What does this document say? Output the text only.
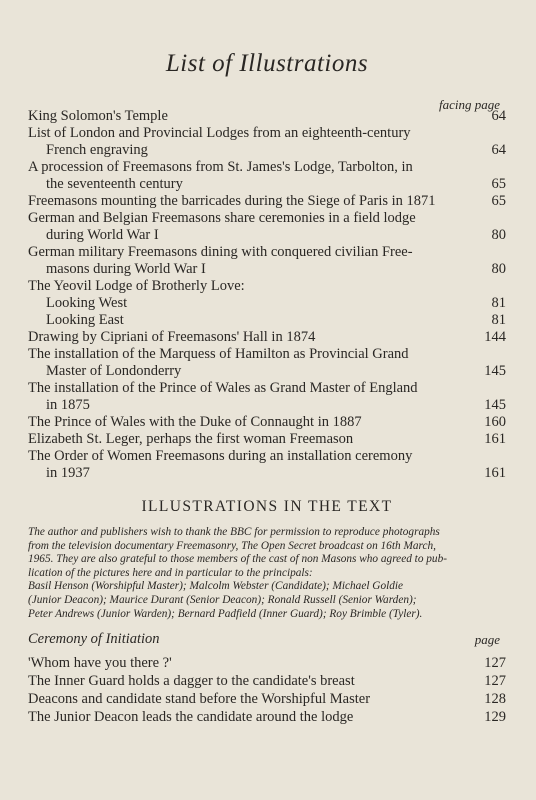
List of Illustrations
facing page
King Solomon's Temple	64
List of London and Provincial Lodges from an eighteenth-century
French engraving	64
A procession of Freemasons from St. James's Lodge, Tarbolton, in
the seventeenth century	65
Freemasons mounting the barricades during the Siege of Paris in 1871	65
German and Belgian Freemasons share ceremonies in a field lodge
during World War I	80
German military Freemasons dining with conquered civilian Free-
masons during World War I	80
The Yeovil Lodge of Brotherly Love:
Looking West	81
Looking East	81
Drawing by Cipriani of Freemasons' Hall in 1874	144
The installation of the Marquess of Hamilton as Provincial Grand
Master of Londonderry	145
The installation of the Prince of Wales as Grand Master of England
in 1875	145
The Prince of Wales with the Duke of Connaught in 1887	160
Elizabeth St. Leger, perhaps the first woman Freemason	161
The Order of Women Freemasons during an installation ceremony
in 1937	161
ILLUSTRATIONS IN THE TEXT
The author and publishers wish to thank the BBC for permission to reproduce photographs
from the television documentary Freemasonry, The Open Secret broadcast on 16th March,
1965. They are also grateful to those members of the cast of non Masons who agreed to pub-
lication of the pictures here and in particular to the principals:
Basil Henson (Worshipful Master); Malcolm Webster (Candidate); Michael Goldie
(Junior Deacon); Maurice Durant (Senior Deacon); Ronald Russell (Senior Warden);
Peter Andrews (Junior Warden); Bernard Padfield (Inner Guard); Roy Brimble (Tyler).
Ceremony of Initiation	page
'Whom have you there ?'	127
The Inner Guard holds a dagger to the candidate's breast	127
Deacons and candidate stand before the Worshipful Master	128
The Junior Deacon leads the candidate around the lodge	129
